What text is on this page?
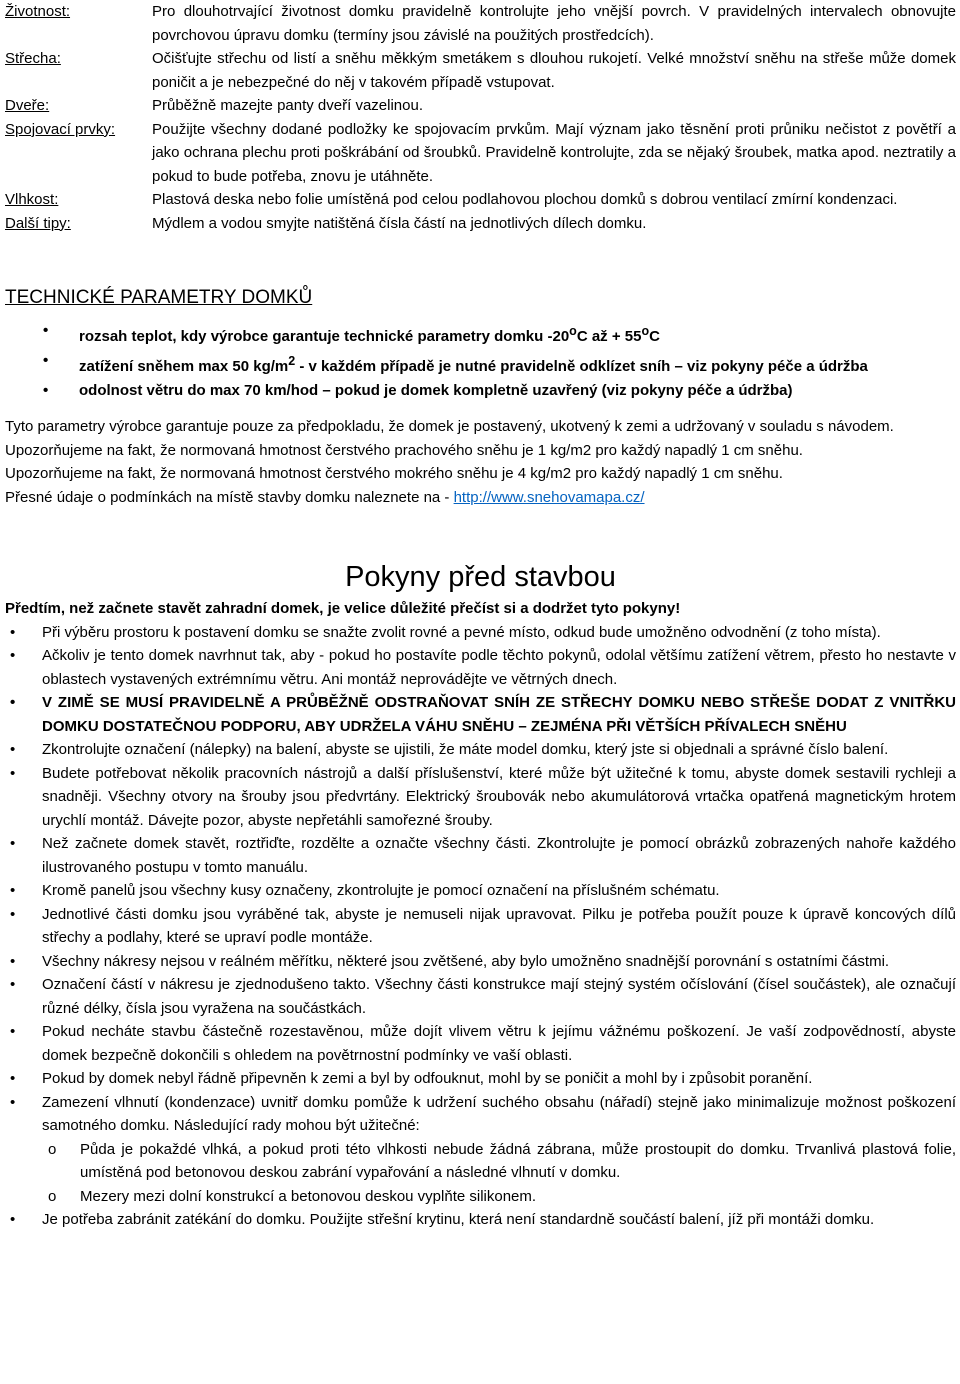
Životnost:	Pro dlouhotrvající životnost domku pravidelně kontrolujte jeho vnější povrch. V pravidelných intervalech obnovujte povrchovou úpravu domku (termíny jsou závislé na použitých prostředcích).
Střecha:	Očišťujte střechu od listí a sněhu měkkým smetákem s dlouhou rukojetí. Velké množství sněhu na střeše může domek poničit a je nebezpečné do něj v takovém případě vstupovat.
Dveře:	Průběžně mazejte panty dveří vazelinou.
Spojovací prvky:	Použijte všechny dodané podložky ke spojovacím prvkům. Mají význam jako těsnění proti průniku nečistot z povětří a jako ochrana plechu proti poškrábání od šroubků. Pravidelně kontrolujte, zda se nějaký šroubek, matka apod. neztratily a pokud to bude potřeba, znovu je utáhněte.
Vlhkost:	Plastová deska nebo folie umístěná pod celou podlahovou plochou domků s dobrou ventilací zmírní kondenzaci.
Další tipy:	Mýdlem a vodou smyjte natištěná čísla částí na jednotlivých dílech domku.
TECHNICKÉ PARAMETRY DOMKŮ
• rozsah teplot, kdy výrobce garantuje technické parametry domku -20$^o$C až + $55^oC$
• zatížení sněhem max 50 $kg/m^2$ - v každém případě je nutné pravidelně odklízet sníh – viz pokyny péče a údržba
• odolnost větru do max 70 km/hod – pokud je domek kompletně uzavřený (viz pokyny péče a údržba)

Tyto parametry výrobce garantuje pouze za předpokladu, že domek je postavený, ukotvený k zemi a udržovaný v souladu s návodem.

Upozorňujeme na fakt, že normovaná hmotnost čerstvého prachového sněhu je 1 kg/m2 pro každý napadlý 1 cm sněhu.

Upozorňujeme na fakt, že normovaná hmotnost čerstvého mokrého sněhu je 4 kg/m2 pro každý napadlý 1 cm sněhu.

Přesné údaje o podmínkách na místě stavby domku naleznete na - http://www.snehovamapa.cz/

Pokyny před stavbou

Předtím, než začnete stavět zahradní domek, je velice důležité přečíst si a dodržet tyto pokyny!

• Při výběru prostoru k postavení domku se snažte zvolit rovné a pevné místo, odkud bude umožněno odvodnění (z toho místa).
• Ačkoliv je tento domek navrhnut tak, aby - pokud ho postavíte podle těchto pokynů, odolal většímu zatížení větrem, přesto ho nestavte v oblastech vystavených extrémnímu větru. Ani montáž neprovádějte ve větrných dnech.
• V ZIMĚ SE MUSÍ PRAVIDELNĚ A PRŮBĚŽNĚ ODSTRAŇOVAT SNÍH ZE STŘECHY DOMKU NEBO STŘEŠE DODAT Z VNITŘKU DOMKU DOSTATEČNOU PODPORU, ABY UDRŽELA VÁHU SNĚHU – ZEJMÉNA PŘI VĚTŠÍCH PŘÍVALECH SNĚHU
• Zkontrolujte označení (nálepky) na balení, abyste se ujistili, že máte model domku, který jste si objednali a správné číslo balení.
• Budete potřebovat několik pracovních nástrojů a další příslušenství, které může být užitečné k tomu, abyste domek sestavili rychleji a snadněji. Všechny otvory na šrouby jsou předvrtány. Elektrický šroubovák nebo akumulátorová vrtačka opatřená magnetickým hrotem urychlí montáž. Dávejte pozor, abyste nepřetáhli samořezné šrouby.
• Než začnete domek stavět, roztřiďte, rozdělte a označte všechny části. Zkontrolujte je pomocí obrázků zobrazených nahoře každého ilustrovaného postupu v tomto manuálu.
• Kromě panelů jsou všechny kusy označeny, zkontrolujte je pomocí označení na příslušném schématu.
• Jednotlivé části domku jsou vyráběné tak, abyste je nemuseli nijak upravovat. Pilku je potřeba použít pouze k úpravě koncových dílů střechy a podlahy, které se upraví podle montáže.
• Všechny nákresy nejsou v reálném měřítku, některé jsou zvětšené, aby bylo umožněno snadnější porovnání s ostatními částmi.
• Označení částí v nákresu je zjednodušeno takto. Všechny části konstrukce mají stejný systém očíslování (čísel součástek), ale označují různé délky, čísla jsou vyražena na součástkách.
• Pokud necháte stavbu částečně rozestavěnou, může dojít vlivem větru k jejímu vážnému poškození. Je vaší zodpovědností, abyste domek bezpečně dokončili s ohledem na povětrnostní podmínky ve vaší oblasti.
• Pokud by domek nebyl řádně připevněn k zemi a byl by odfouknut, mohl by se poničit a mohl by i způsobit poranění.
• Zamezení vlhnutí (kondenzace) uvnitř domku pomůže k udržení suchého obsahu (nářadí) stejně jako minimalizuje možnost poškození samotného domku. Následující rady mohou být užitečné:
o Půda je pokaždé vlhká, a pokud proti této vlhkosti nebude žádná zábrana, může prostoupit do domku. Trvanlivá plastová folie, umístěná pod betonovou deskou zabrání vypařování a následné vlhnutí v domku.
o Mezery mezi dolní konstrukcí a betonovou deskou vyplňte silikonem.
• Je potřeba zabránit zatékání do domku. Použijte střešní krytinu, která není standardně součástí balení, jíž při montáži domku.
